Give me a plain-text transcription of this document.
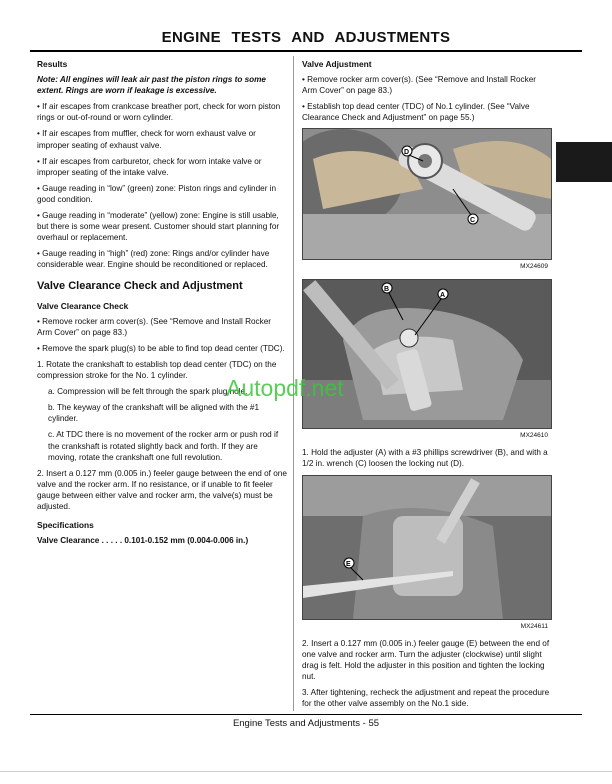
ENGINE TESTS AND ADJUSTMENTS
Results

Note: All engines will leak air past the piston rings to some extent. Rings are worn if leakage is excessive.

• If air escapes from crankcase breather port, check for worn piston rings or out-of-round or worn cylinder.

• If air escapes from muffler, check for worn exhaust valve or improper seating of exhaust valve.

• If air escapes from carburetor, check for worn intake valve or improper seating of the intake valve.

• Gauge reading in “low” (green) zone: Piston rings and cylinder in good condition.

• Gauge reading in “moderate” (yellow) zone: Engine is still usable, but there is some wear present. Customer should start planning for overhaul or replacement.

• Gauge reading in “high” (red) zone: Rings and/or cylinder have considerable wear. Engine should be reconditioned or replaced.

Valve Clearance Check and Adjustment
Valve Clearance Check

• Remove rocker arm cover(s). (See “Remove and Install Rocker Arm Cover” on page 83.)

• Remove the spark plug(s) to be able to find top dead center (TDC).

1. Rotate the crankshaft to establish top dead center (TDC) on the compression stroke for the No. 1 cylinder.

a. Compression will be felt through the spark plug hole.

b. The keyway of the crankshaft will be aligned with the #1 cylinder.

c. At TDC there is no movement of the rocker arm or push rod if the crankshaft is rotated slightly back and forth. If they are moving, rotate the crankshaft one full revolution.

2. Insert a 0.127 mm (0.005 in.) feeler gauge between the end of one valve and the rocker arm. If no resistance, or if unable to fit feeler gauge between either valve and rocker arm, the valve(s) must be adjusted.

Specifications

Valve Clearance . . . . . 0.101-0.152 mm (0.004-0.006 in.)

Valve Adjustment

• Remove rocker arm cover(s). (See “Remove and Install Rocker Arm Cover” on page 83.)

• Establish top dead center (TDC) of No.1 cylinder. (See “Valve Clearance Check and Adjustment” on page 55.)

D
C
MX24609
B
A
MX24610

1. Hold the adjuster (A) with a #3 phillips screwdriver (B), and with a 1/2 in. wrench (C) loosen the locking nut (D).

E
MX24611

2. Insert a 0.127 mm (0.005 in.) feeler gauge (E) between the end of one valve and rocker arm. Turn the adjuster (clockwise) until slight drag is felt. Hold the adjuster in this position and tighten the locking nut.

3. After tightening, recheck the adjustment and repeat the procedure for the other valve assembly on the No.1 side.

Autopdf.net
Engine Tests and Adjustments - 55
